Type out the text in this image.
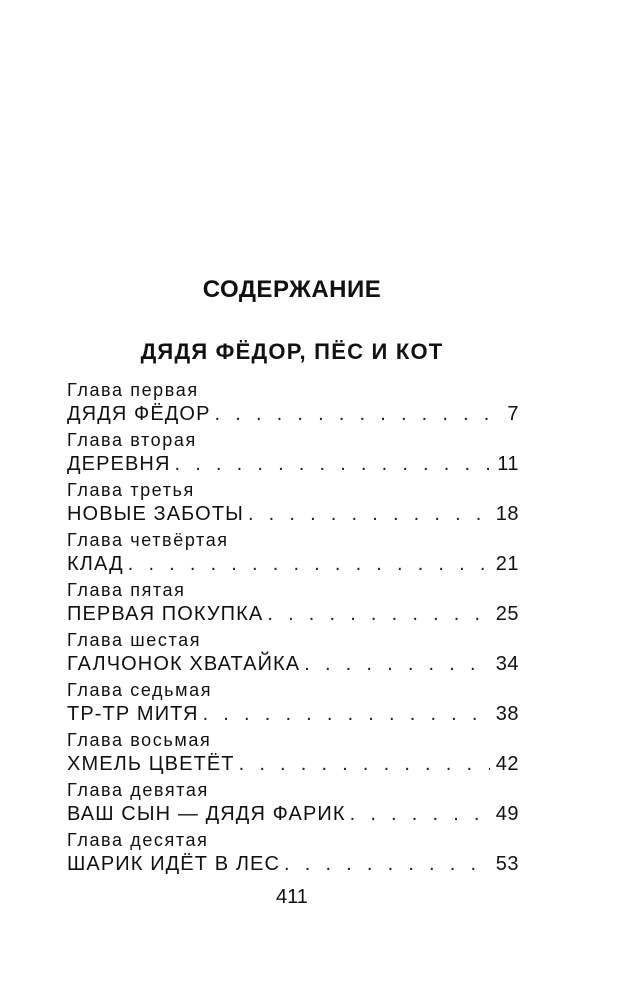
СОДЕРЖАНИЕ
ДЯДЯ ФЁДОР, ПЁС И КОТ
Глава первая
ДЯДЯ ФЁДОР . . .	7
Глава вторая
ДЕРЕВНЯ . . .	11
Глава третья
НОВЫЕ ЗАБОТЫ . . .	18
Глава четвёртая
КЛАД . . .	21
Глава пятая
ПЕРВАЯ ПОКУПКА . . .	25
Глава шестая
ГАЛЧОНОК ХВАТАЙКА . . .	34
Глава седьмая
ТР-ТР МИТЯ . . .	38
Глава восьмая
ХМЕЛЬ ЦВЕТЁТ . . .	42
Глава девятая
ВАШ СЫН — ДЯДЯ ФАРИК . . .	49
Глава десятая
ШАРИК ИДЁТ В ЛЕС . . .	53
411
